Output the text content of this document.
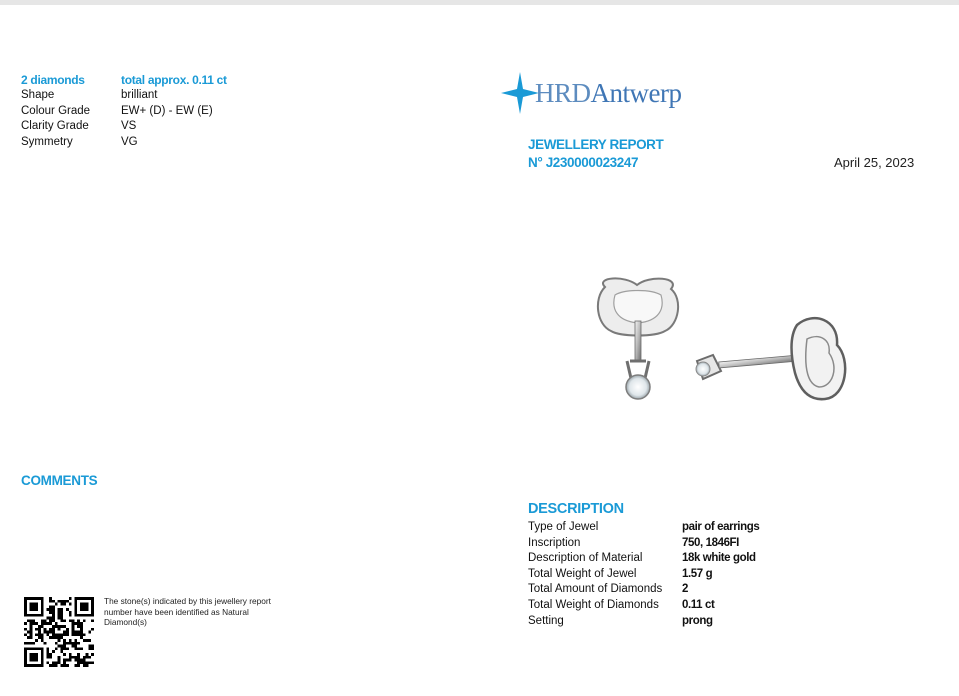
2 diamonds	total approx. 0.11 ct
Shape	brilliant
Colour Grade	EW+ (D) - EW (E)
Clarity Grade	VS
Symmetry	VG
HRDAntwerp
JEWELLERY REPORT
N° J230000023247	April 25, 2023
COMMENTS
DESCRIPTION
Type of Jewel	pair of earrings
Inscription	750, 1846FI
Description of Material	18k white gold
Total Weight of Jewel	1.57 g
Total Amount of Diamonds	2
Total Weight of Diamonds	0.11 ct
Setting	prong
The stone(s) indicated by this jewellery report number have been identified as Natural Diamond(s)
